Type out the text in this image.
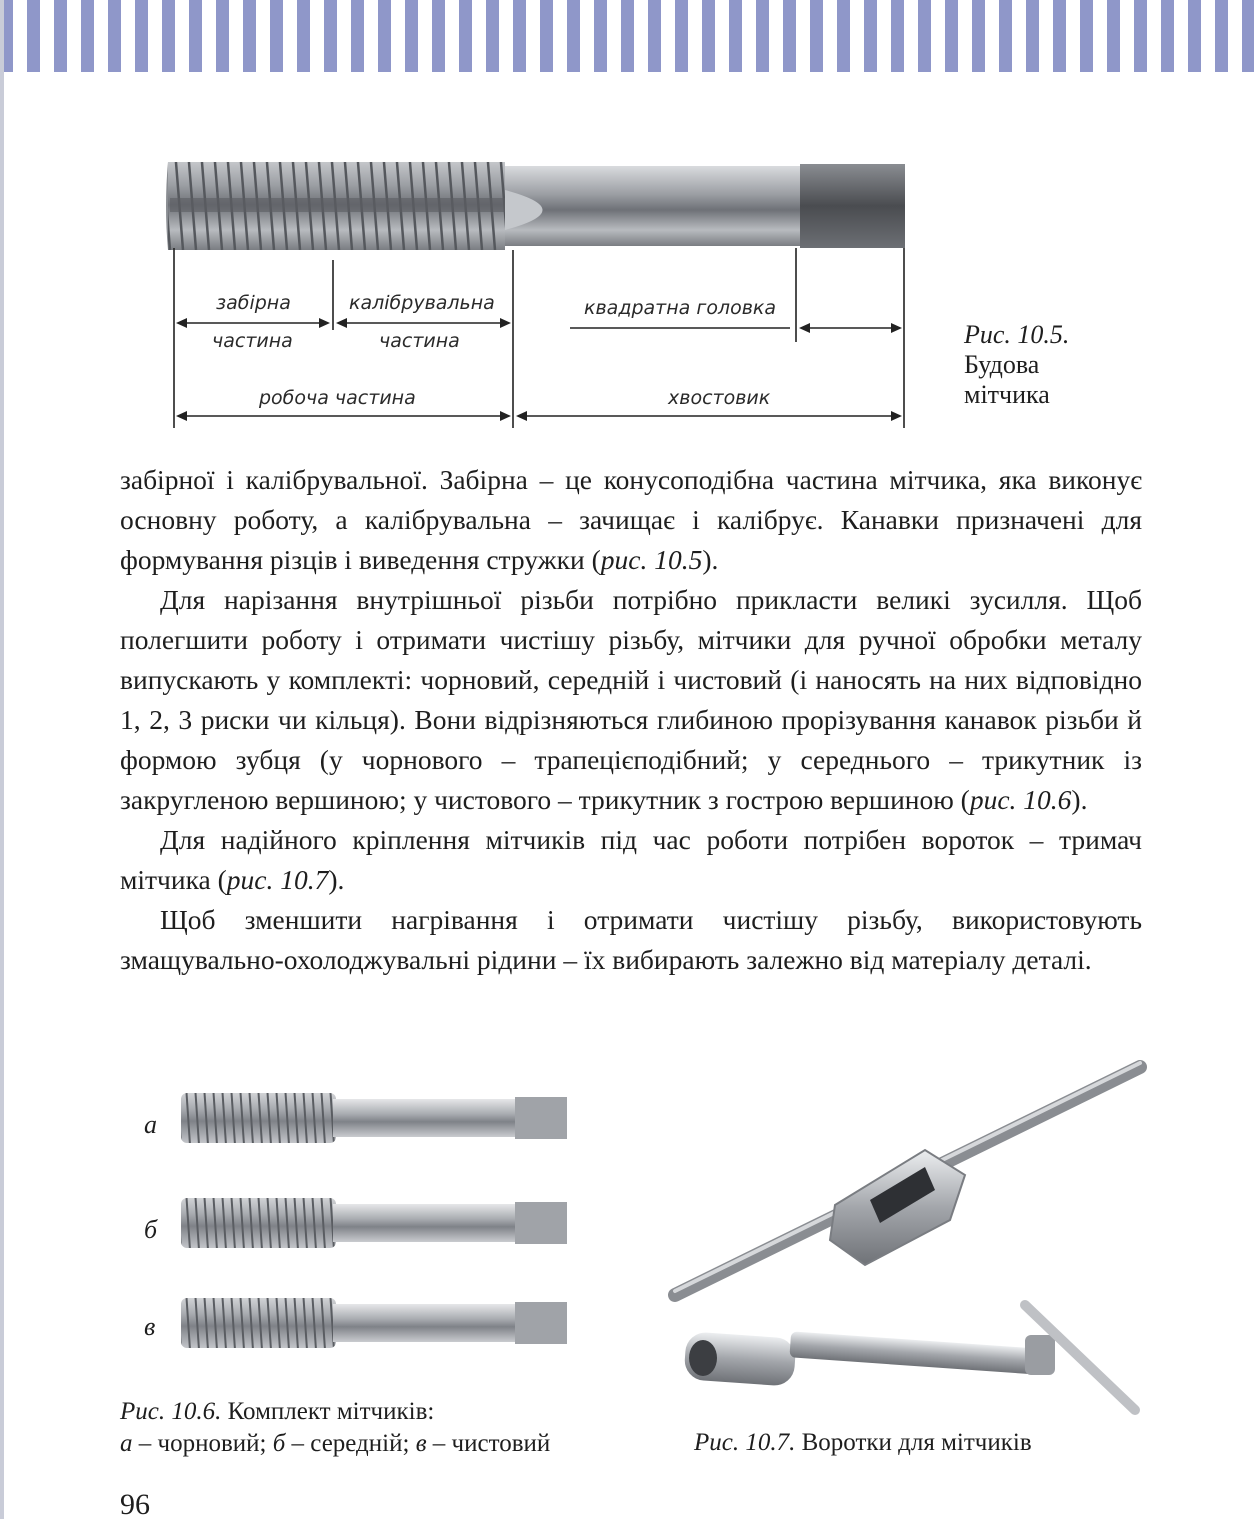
забірна
частина
калібрувальна
частина
квадратна головка
робоча частина	хвостовик
Рис. 10.5.
Будова
мітчика

забірної і калібрувальної. Забірна – це конусоподібна частина мітчика, яка виконує основну роботу, а калібрувальна – зачищає і калібрує. Канавки призначені для формування різців і виведення стружки (рис. 10.5).

Для нарізання внутрішньої різьби потрібно прикласти великі зусилля. Щоб полегшити роботу і отримати чистішу різьбу, мітчики для ручної обробки металу випускають у комплекті: чорновий, середній і чистовий (і наносять на них відповідно 1, 2, 3 риски чи кільця). Вони відрізняються глибиною прорізування канавок різьби й формою зубця (у чорнового – трапецієподібний; у середнього – трикутник із закругленою вершиною; у чистового – трикутник з гострою вершиною (рис. 10.6).

Для надійного кріплення мітчиків під час роботи потрібен вороток – тримач мітчика (рис. 10.7).

Щоб зменшити нагрівання і отримати чистішу різьбу, використовують змащувально-охолоджувальні рідини – їх вибирають залежно від матеріалу деталі.

а
б
в
Рис. 10.6. Комплект мітчиків:
а – чорновий; б – середній; в – чистовий	Рис. 10.7. Воротки для мітчиків
96
